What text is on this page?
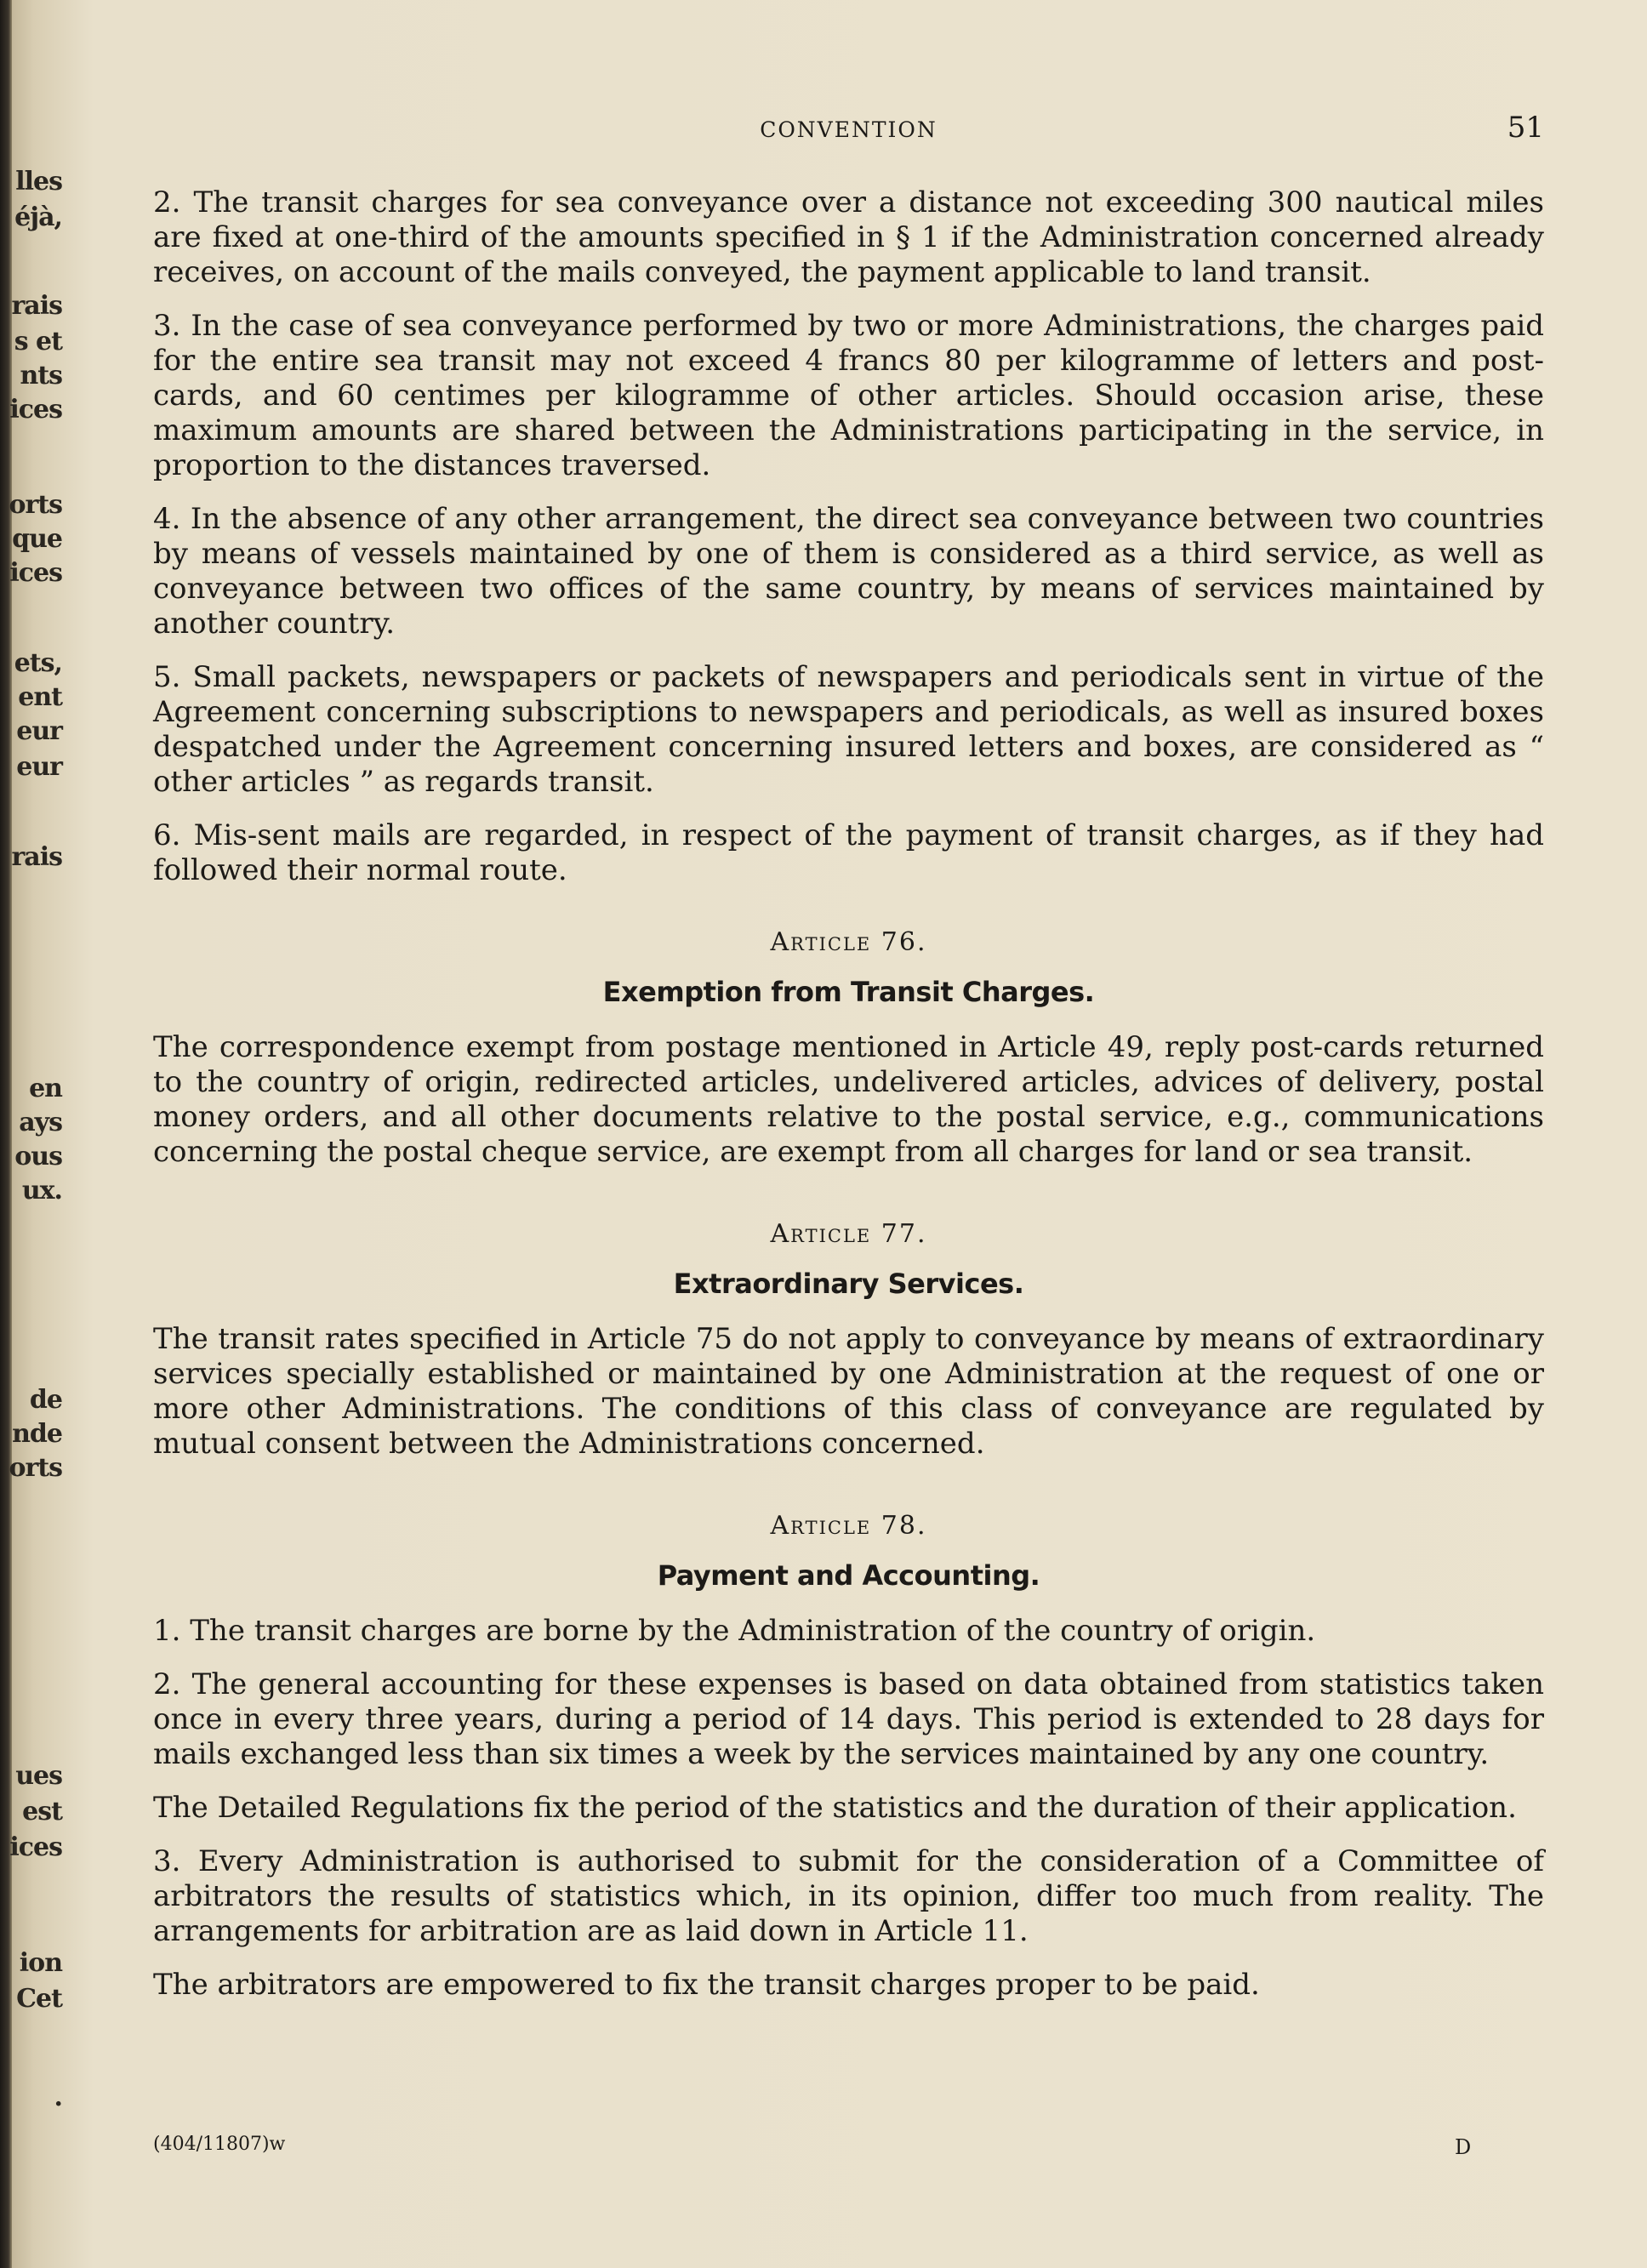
lles
éjà,
rais
s et
nts
ices
orts
que
ices
ets,
ent
eur
eur
rais
en
ays
ous
ux.
de
nde
orts
ues
est
ices
ion
Cet
.
CONVENTION	51

2. The transit charges for sea conveyance over a distance not exceeding 300 nautical miles are fixed at one-third of the amounts specified in § 1 if the Administration concerned already receives, on account of the mails conveyed, the payment applicable to land transit.

3. In the case of sea conveyance performed by two or more Administrations, the charges paid for the entire sea transit may not exceed 4 francs 80 per kilogramme of letters and post-cards, and 60 centimes per kilogramme of other articles. Should occasion arise, these maximum amounts are shared between the Administrations participating in the service, in proportion to the distances traversed.

4. In the absence of any other arrangement, the direct sea conveyance between two countries by means of vessels maintained by one of them is considered as a third service, as well as conveyance between two offices of the same country, by means of services maintained by another country.

5. Small packets, newspapers or packets of newspapers and periodicals sent in virtue of the Agreement concerning subscriptions to newspapers and periodicals, as well as insured boxes despatched under the Agreement concerning insured letters and boxes, are considered as “ other articles ” as regards transit.

6. Mis-sent mails are regarded, in respect of the payment of transit charges, as if they had followed their normal route.

Article 76.
Exemption from Transit Charges.

The correspondence exempt from postage mentioned in Article 49, reply post-cards returned to the country of origin, redirected articles, undelivered articles, advices of delivery, postal money orders, and all other documents relative to the postal service, e.g., communications concerning the postal cheque service, are exempt from all charges for land or sea transit.

Article 77.
Extraordinary Services.

The transit rates specified in Article 75 do not apply to conveyance by means of extraordinary services specially established or maintained by one Administration at the request of one or more other Administrations. The conditions of this class of conveyance are regulated by mutual consent between the Administrations concerned.

Article 78.
Payment and Accounting.

1. The transit charges are borne by the Administration of the country of origin.

2. The general accounting for these expenses is based on data obtained from statistics taken once in every three years, during a period of 14 days. This period is extended to 28 days for mails exchanged less than six times a week by the services maintained by any one country.

The Detailed Regulations fix the period of the statistics and the duration of their application.

3. Every Administration is authorised to submit for the consideration of a Committee of arbitrators the results of statistics which, in its opinion, differ too much from reality. The arrangements for arbitration are as laid down in Article 11.

The arbitrators are empowered to fix the transit charges proper to be paid.

(404/11807)w	D
